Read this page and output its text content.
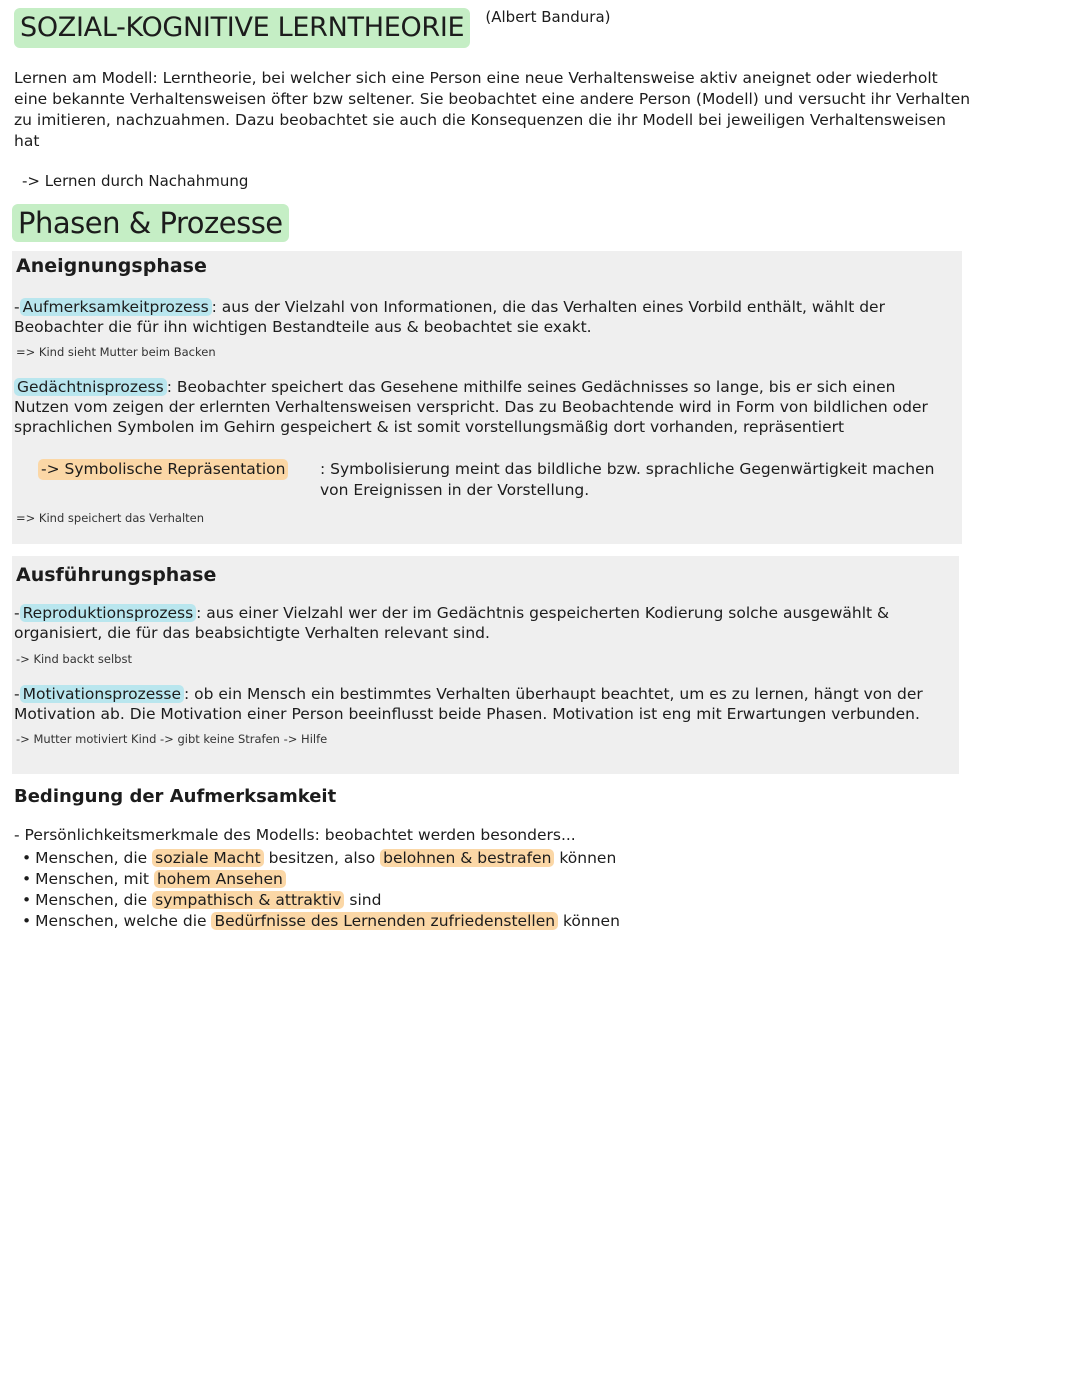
SOZIAL-KOGNITIVE LERNTHEORIE (Albert Bandura)

Lernen am Modell: Lerntheorie, bei welcher sich eine Person eine neue Verhaltensweise aktiv aneignet oder wiederholt eine bekannte Verhaltensweisen öfter bzw seltener. Sie beobachtet eine andere Person (Modell) und versucht ihr Verhalten zu imitieren, nachzuahmen. Dazu beobachtet sie auch die Konsequenzen die ihr Modell bei jeweiligen Verhaltensweisen hat

-> Lernen durch Nachahmung

Phasen & Prozesse

Aneignungsphase

- Aufmerksamkeitprozess : aus der Vielzahl von Informationen, die das Verhalten eines Vorbild enthält, wählt der Beobachter die für ihn wichtigen Bestandteile aus & beobachtet sie exakt.

=> Kind sieht Mutter beim Backen

Gedächtnisprozess : Beobachter speichert das Gesehene mithilfe seines Gedächnisses so lange, bis er sich einen Nutzen vom zeigen der erlernten Verhaltensweisen verspricht. Das zu Beobachtende wird in Form von bildlichen oder sprachlichen Symbolen im Gehirn gespeichert & ist somit vorstellungsmäßig dort vorhanden, repräsentiert

-> Symbolische Repräsentation : Symbolisierung meint das bildliche bzw. sprachliche Gegenwärtigkeit machen von Ereignissen in der Vorstellung.

=> Kind speichert das Verhalten

Ausführungsphase

- Reproduktionsprozess : aus einer Vielzahl wer der im Gedächtnis gespeicherten Kodierung solche ausgewählt & organisiert, die für das beabsichtigte Verhalten relevant sind.

-> Kind backt selbst

- Motivationsprozesse : ob ein Mensch ein bestimmtes Verhalten überhaupt beachtet, um es zu lernen, hängt von der Motivation ab. Die Motivation einer Person beeinflusst beide Phasen. Motivation ist eng mit Erwartungen verbunden.

-> Mutter motiviert Kind -> gibt keine Strafen -> Hilfe

Bedingung der Aufmerksamkeit

- Persönlichkeitsmerkmale des Modells: beobachtet werden besonders...

• Menschen, die soziale Macht besitzen, also belohnen & bestrafen können
• Menschen, mit hohem Ansehen
• Menschen, die sympathisch & attraktiv sind
• Menschen, welche die Bedürfnisse des Lernenden zufriedenstellen können
